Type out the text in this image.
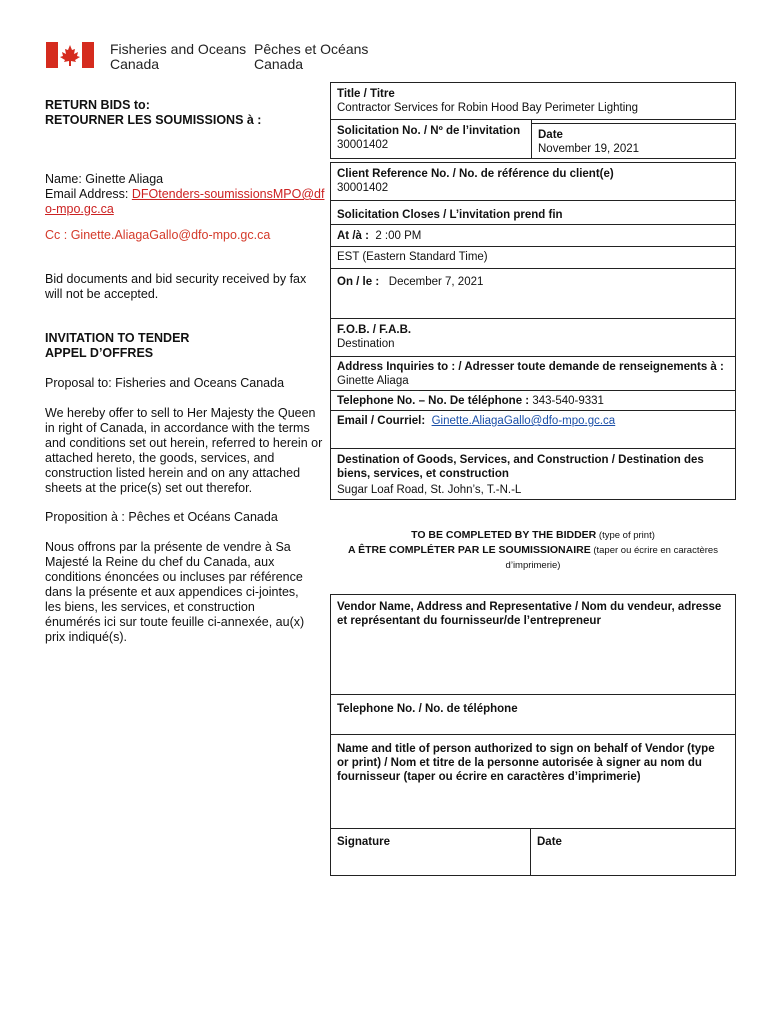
Fisheries and Oceans
Canada
Pêches et Océans
Canada
RETURN BIDS to:
RETOURNER LES SOUMISSIONS à :
Name: Ginette Aliaga
Email Address: DFOtenders-soumissionsMPO@dfo-mpo.gc.ca
Cc : Ginette.AliagaGallo@dfo-mpo.gc.ca
Bid documents and bid security received by fax will not be accepted.
INVITATION TO TENDER
APPEL D’OFFRES
Proposal to: Fisheries and Oceans Canada
We hereby offer to sell to Her Majesty the Queen in right of Canada, in accordance with the terms and conditions set out herein, referred to herein or attached hereto, the goods, services, and construction listed herein and on any attached sheets at the price(s) set out therefor.
Proposition à : Pêches et Océans Canada
Nous offrons par la présente de vendre à Sa Majesté la Reine du chef du Canada, aux conditions énoncées ou incluses par référence dans la présente et aux appendices ci-jointes, les biens, les services, et construction énumérés ici sur toute feuille ci-annexée, au(x) prix indiqué(s).
Title / Titre
Contractor Services for Robin Hood Bay Perimeter Lighting
Solicitation No. / Nº de l’invitation
30001402
Date
November 19, 2021
Client Reference No. / No. de référence du client(e)
30001402
Solicitation Closes / L’invitation prend fin
At /à : 2 :00 PM
EST (Eastern Standard Time)
On / le : December 7, 2021
F.O.B. / F.A.B.
Destination
Address Inquiries to : / Adresser toute demande de renseignements à :
Ginette Aliaga
Telephone No. – No. De téléphone : 343-540-9331
Email / Courriel: Ginette.AliagaGallo@dfo-mpo.gc.ca
Destination of Goods, Services, and Construction / Destination des biens, services, et construction
Sugar Loaf Road, St. John’s, T.-N.-L
TO BE COMPLETED BY THE BIDDER (type of print)
A ÊTRE COMPLÉTER PAR LE SOUMISSIONAIRE (taper ou écrire en caractères d’imprimerie)
Vendor Name, Address and Representative / Nom du vendeur, adresse et représentant du fournisseur/de l’entrepreneur
Telephone No. / No. de téléphone
Name and title of person authorized to sign on behalf of Vendor (type or print) / Nom et titre de la personne autorisée à signer au nom du fournisseur (taper ou écrire en caractères d’imprimerie)
Signature	Date
